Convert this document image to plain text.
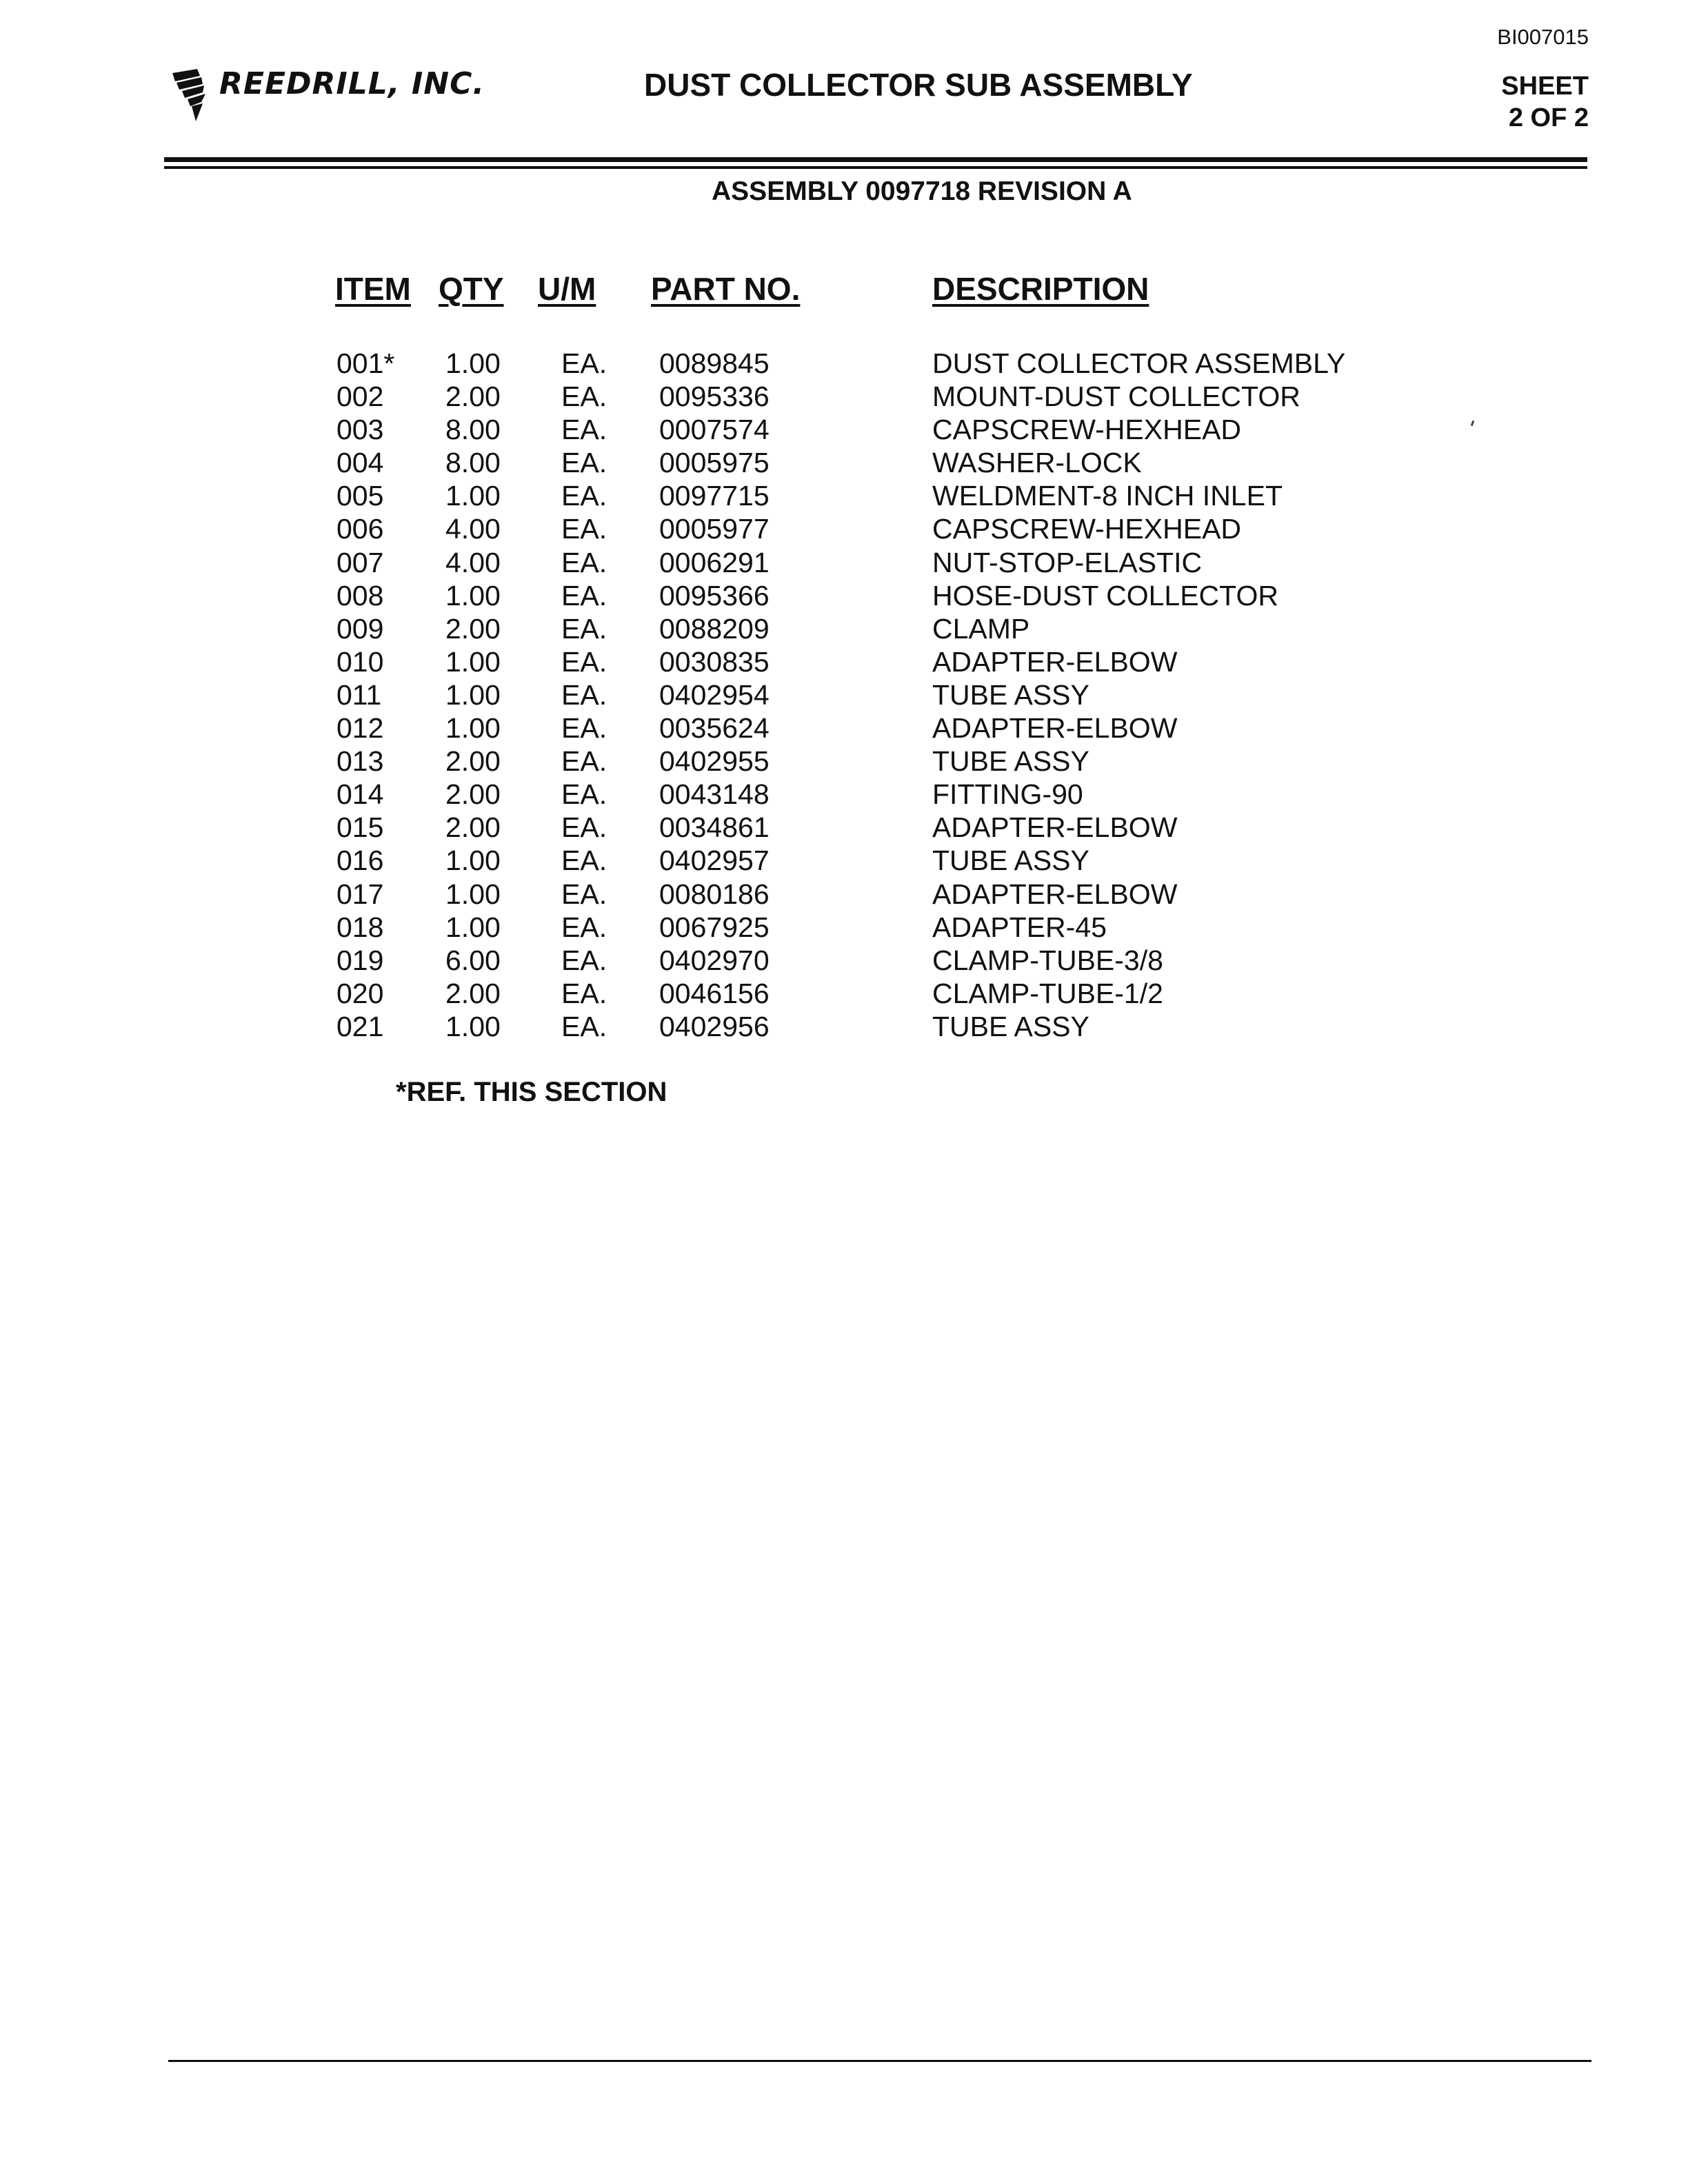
BI007015
REEDRILL, INC.	DUST COLLECTOR SUB ASSEMBLY	SHEET
2 OF 2
ASSEMBLY 0097718 REVISION A
ITEM QTY U/M PART NO.	DESCRIPTION
001* 1.00 EA. 0089845	DUST COLLECTOR ASSEMBLY
002 2.00 EA. 0095336	MOUNT-DUST COLLECTOR
003 8.00 EA. 0007574	CAPSCREW-HEXHEAD
004 8.00 EA. 0005975	WASHER-LOCK
005 1.00 EA. 0097715	WELDMENT-8 INCH INLET
006 4.00 EA. 0005977	CAPSCREW-HEXHEAD
007 4.00 EA. 0006291	NUT-STOP-ELASTIC
008 1.00 EA. 0095366	HOSE-DUST COLLECTOR
009 2.00 EA. 0088209	CLAMP
010 1.00 EA. 0030835	ADAPTER-ELBOW
011 1.00 EA. 0402954	TUBE ASSY
012 1.00 EA. 0035624	ADAPTER-ELBOW
013 2.00 EA. 0402955	TUBE ASSY
014 2.00 EA. 0043148	FITTING-90
015 2.00 EA. 0034861	ADAPTER-ELBOW
016 1.00 EA. 0402957	TUBE ASSY
017 1.00 EA. 0080186	ADAPTER-ELBOW
018 1.00 EA. 0067925	ADAPTER-45
019 6.00 EA. 0402970	CLAMP-TUBE-3/8
020 2.00 EA. 0046156	CLAMP-TUBE-1/2
021 1.00 EA. 0402956	TUBE ASSY
*REF. THIS SECTION
